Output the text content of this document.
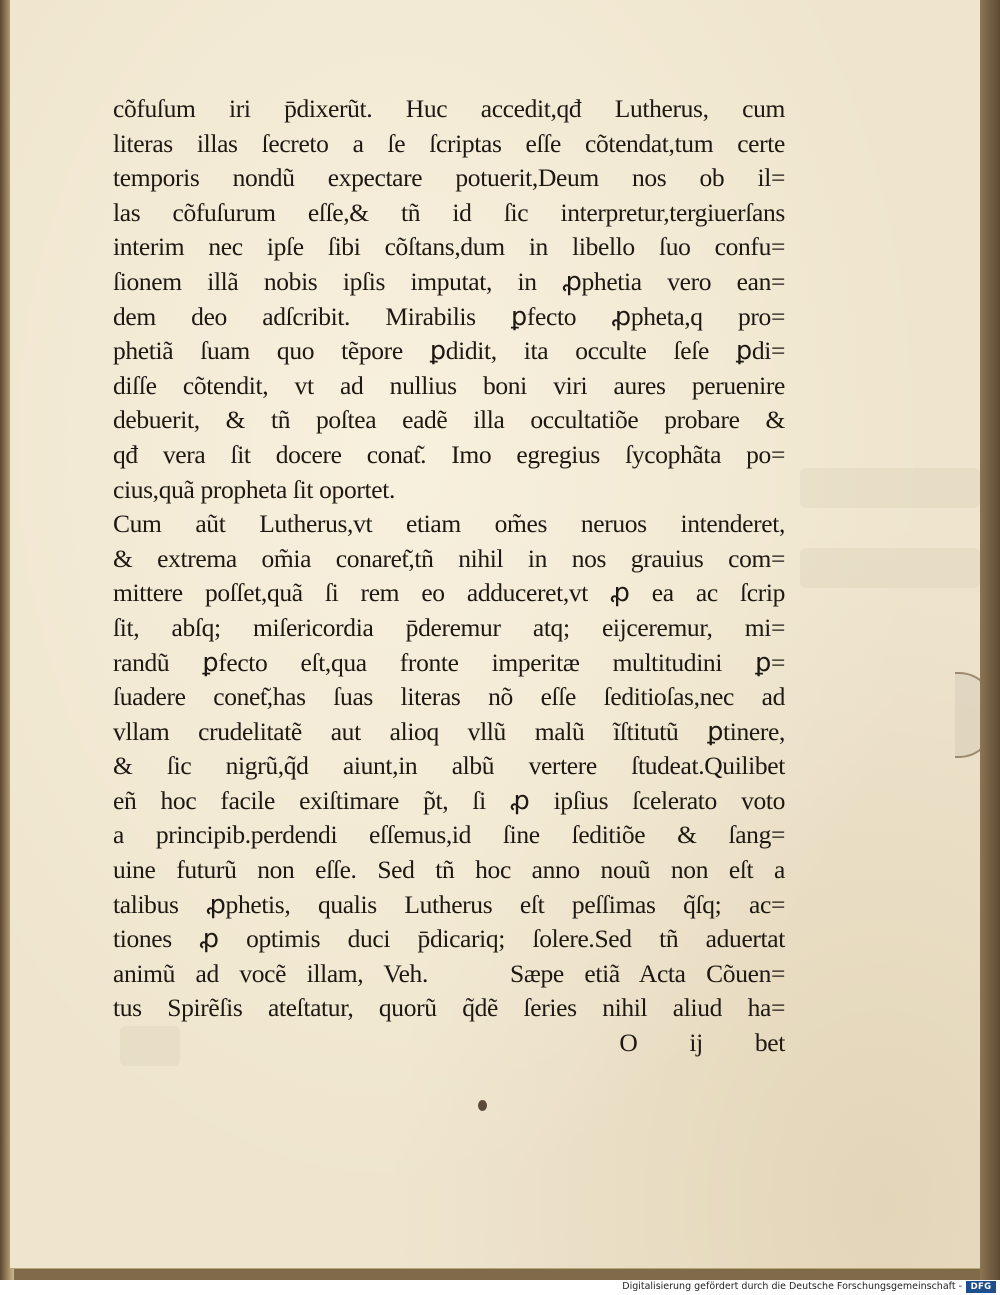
cõfuſum iri p̄dixerũt. Huc accedit,qđ Lutherus, cum
literas illas ſecreto a ſe ſcriptas eſſe cõtendat,tum certe
temporis nondũ expectare potuerit,Deum nos ob il=
las cõfuſurum eſſe,& tñ id ſic interpretur,tergiuerſans
interim nec ipſe ſibi cõſtans,dum in libello ſuo confu=
ſionem illã nobis ipſis imputat, in ꝓphetia vero ean=
dem deo adſcribit. Mirabilis ꝑfecto ꝓpheta,q pro=
phetiã ſuam quo tẽpore ꝑdidit, ita occulte ſeſe ꝑdi=
diſſe cõtendit, vt ad nullius boni viri aures peruenire
debuerit, & tñ poſtea eadẽ illa occultatiõe probare &
qđ vera ſit docere conat͂. Imo egregius ſycophãta po=
cius,quã propheta ſit oportet.
Cum aũt Lutherus,vt etiam om̃es neruos intenderet,
& extrema om̃ia conaret͂,tñ nihil in nos grauius com=
mittere poſſet,quã ſi rem eo adduceret,vt ꝓ ea ac ſcrip
ſit, abſq; miſericordia p̄deremur atq; eijceremur, mi=
randũ ꝑfecto eſt,qua fronte imperitæ multitudini ꝑ=
ſuadere conet͂,has ſuas literas nõ eſſe ſeditioſas,nec ad
vllam crudelitatẽ aut alioq vllũ malũ ĩſtitutũ ꝑtinere,
& ſic nigrũ,q̃d aiunt,in albũ vertere ſtudeat.Quilibet
eñ hoc facile exiſtimare p̃t, ſi ꝓ ipſius ſcelerato voto
a principib.perdendi eſſemus,id ſine ſeditiõe & ſang=
uine futurũ non eſſe. Sed tñ hoc anno nouũ non eſt a
talibus ꝓphetis, qualis Lutherus eſt peſſimas q̃ſq; ac=
tiones ꝓ optimis duci p̄dicariq; ſolere.Sed tñ aduertat
animũ ad vocẽ illam, Veh.    Sæpe etiã Acta Cõuen=
tus Spirẽſis ateſtatur, quorũ q̃dẽ ſeries nihil aliud ha=
O ij bet
Digitalisierung gefördert durch die Deutsche Forschungsgemeinschaft -	DFG
